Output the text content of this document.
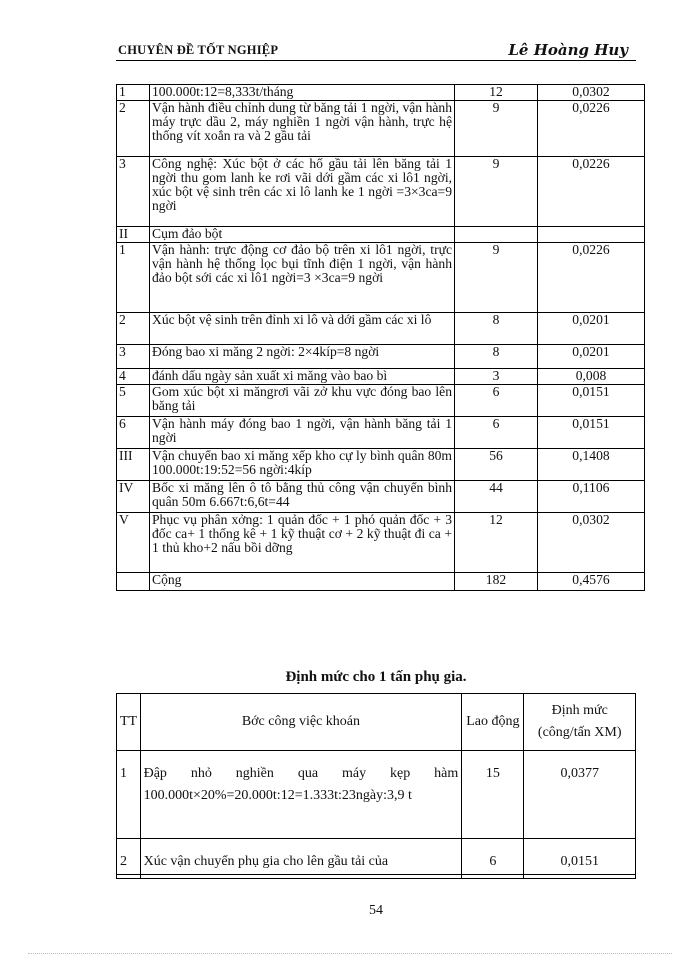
CHUYÊN ĐỀ TỐT NGHIỆP	Lê Hoàng Huy
1	100.000t:12=8,333t/tháng	12	0,0302
2	Vận hành điều chỉnh dung từ băng tải 1 ngời, vận hành máy trực dầu 2, máy nghiền 1 ngời vận hành, trực hệ thống vít xoắn ra và 2 gầu tải	9	0,0226
3	Công nghệ: Xúc bột ở các hố gầu tải lên băng tải 1 ngời thu gom lanh ke rơi vãi dới gầm các xi lô1 ngời, xúc bột vệ sinh trên các xi lô lanh ke 1 ngời =3×3ca=9 ngời	9	0,0226
II	Cụm đảo bột		
1	Vận hành: trực động cơ đảo bộ trên xi lô1 ngời, trực vận hành hệ thống lọc bụi tĩnh điện 1 ngời, vận hành đảo bột sới các xi lô1 ngời=3 ×3ca=9 ngời	9	0,0226
2	Xúc bột vệ sinh trên đỉnh xi lô và dới gầm các xi lô	8	0,0201
3	Đóng bao xi măng 2 ngời: 2×4kíp=8 ngời	8	0,0201
4	đánh dấu ngày sản xuất xi măng vào bao bì	3	0,008
5	Gom xúc bột xi măngrơi vãi zở khu vực đóng bao lên băng tải	6	0,0151
6	Vận hành máy đóng bao 1 ngời, vận hành băng tải 1 ngời	6	0,0151
III	Vận chuyển bao xi măng xếp kho cự ly bình quân 80m 100.000t:19:52=56 ngời:4kíp	56	0,1408
IV	Bốc xi măng lên ô tô bằng thủ công vận chuyển bình quân 50m 6.667t:6,6t=44	44	0,1106
V	Phục vụ phân xởng: 1 quản đốc + 1 phó quản đốc + 3 đốc ca+ 1 thống kê + 1 kỹ thuật cơ + 2 kỹ thuật đi ca + 1 thủ kho+2 nấu bồi dỡng	12	0,0302
	Cộng	182	0,4576
Định mức cho 1 tấn phụ gia.
TT	Bớc công việc khoán	Lao động	Định mức
(công/tấn XM)

1	Đập nhỏ nghiền qua máy kẹp hàm 100.000t×20%=20.000t:12=1.333t:23ngày:3,9 t	15	0,0377
2	Xúc vận chuyển phụ gia cho lên gầu tải của	6	0,0151
54
